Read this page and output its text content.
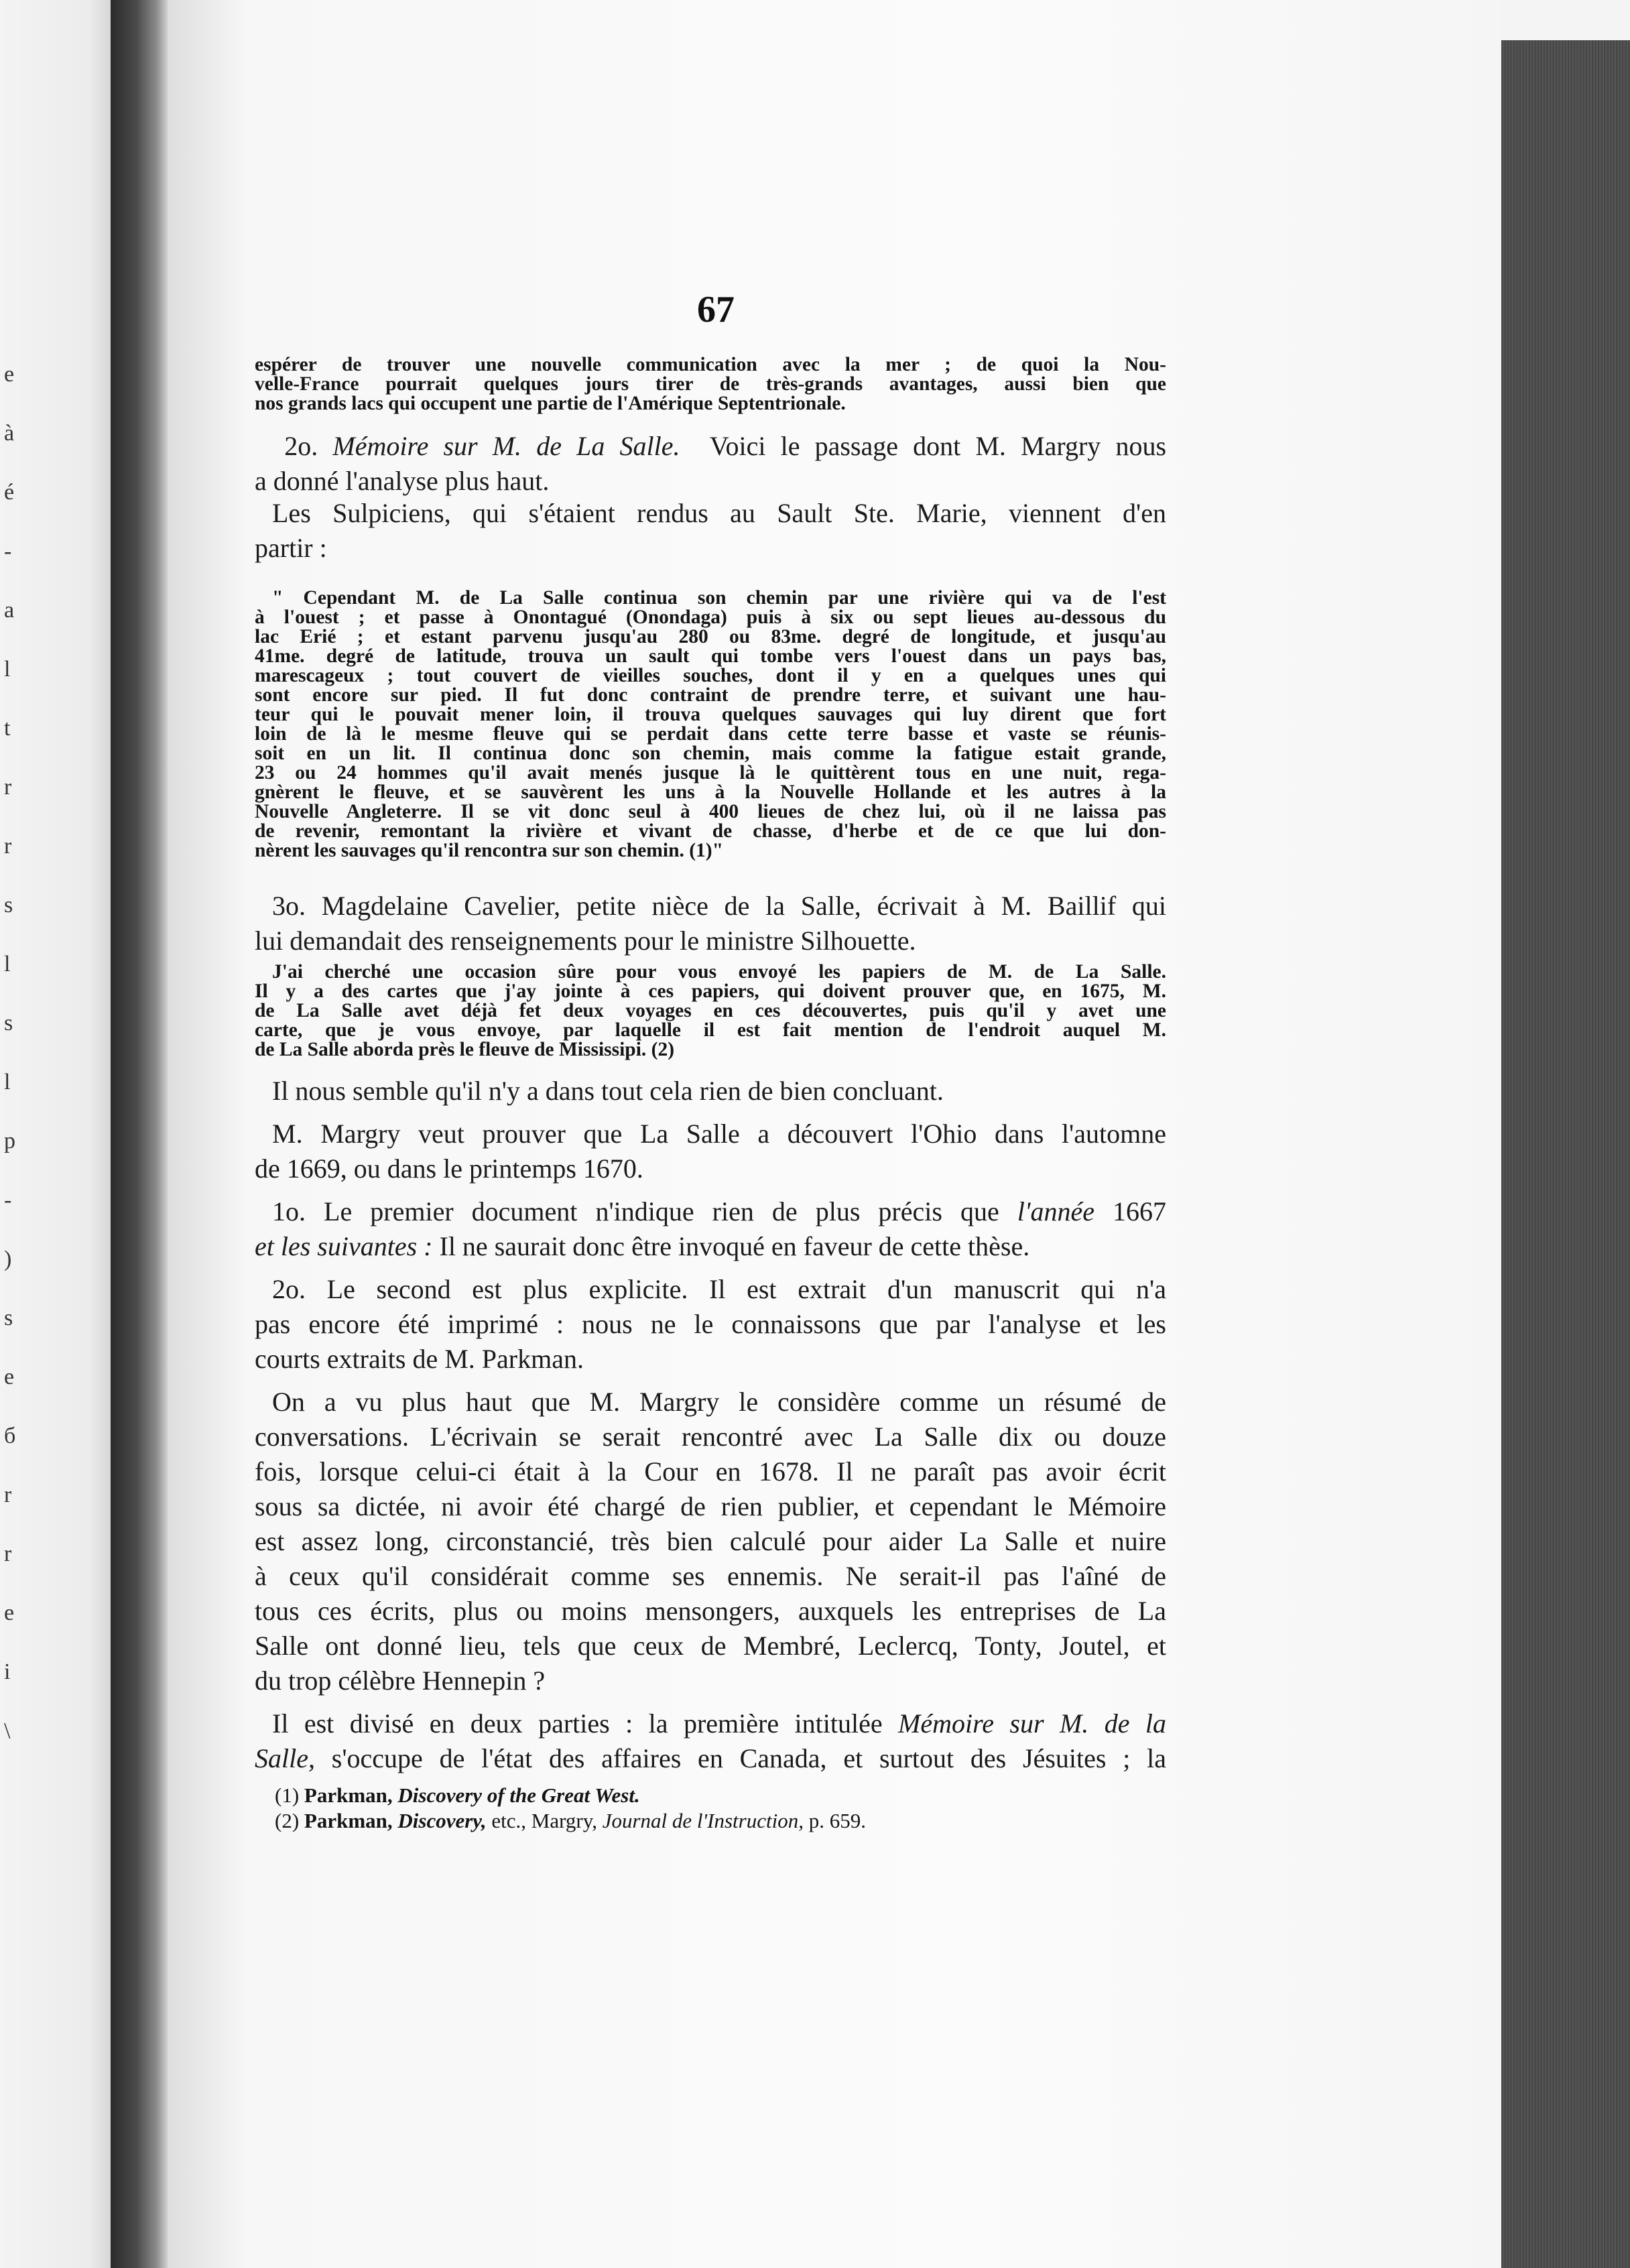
e
à
é
-
a
l
t
r
r
s
l
s
l
p
-
)
s
e
б
r
r
e
i
\
67
espérer de trouver une nouvelle communication avec la mer ; de quoi la Nou-
velle-France pourrait quelques jours tirer de très-grands avantages, aussi bien que
nos grands lacs qui occupent une partie de l'Amérique Septentrionale.
2o. Mémoire sur M. de La Salle. Voici le passage dont M. Margry nous
a donné l'analyse plus haut.
Les Sulpiciens, qui s'étaient rendus au Sault Ste. Marie, viennent d'en
partir :
" Cependant M. de La Salle continua son chemin par une rivière qui va de l'est
à l'ouest ; et passe à Onontagué (Onondaga) puis à six ou sept lieues au-dessous du
lac Erié ; et estant parvenu jusqu'au 280 ou 83me. degré de longitude, et jusqu'au
41me. degré de latitude, trouva un sault qui tombe vers l'ouest dans un pays bas,
marescageux ; tout couvert de vieilles souches, dont il y en a quelques unes qui
sont encore sur pied. Il fut donc contraint de prendre terre, et suivant une hau-
teur qui le pouvait mener loin, il trouva quelques sauvages qui luy dirent que fort
loin de là le mesme fleuve qui se perdait dans cette terre basse et vaste se réunis-
soit en un lit. Il continua donc son chemin, mais comme la fatigue estait grande,
23 ou 24 hommes qu'il avait menés jusque là le quittèrent tous en une nuit, rega-
gnèrent le fleuve, et se sauvèrent les uns à la Nouvelle Hollande et les autres à la
Nouvelle Angleterre. Il se vit donc seul à 400 lieues de chez lui, où il ne laissa pas
de revenir, remontant la rivière et vivant de chasse, d'herbe et de ce que lui don-
nèrent les sauvages qu'il rencontra sur son chemin. (1)"
3o. Magdelaine Cavelier, petite nièce de la Salle, écrivait à M. Baillif qui
lui demandait des renseignements pour le ministre Silhouette.
J'ai cherché une occasion sûre pour vous envoyé les papiers de M. de La Salle.
Il y a des cartes que j'ay jointe à ces papiers, qui doivent prouver que, en 1675, M.
de La Salle avet déjà fet deux voyages en ces découvertes, puis qu'il y avet une
carte, que je vous envoye, par laquelle il est fait mention de l'endroit auquel M.
de La Salle aborda près le fleuve de Mississipi. (2)
Il nous semble qu'il n'y a dans tout cela rien de bien concluant.
M. Margry veut prouver que La Salle a découvert l'Ohio dans l'automne
de 1669, ou dans le printemps 1670.
1o. Le premier document n'indique rien de plus précis que l'année 1667
et les suivantes : Il ne saurait donc être invoqué en faveur de cette thèse.
2o. Le second est plus explicite. Il est extrait d'un manuscrit qui n'a
pas encore été imprimé : nous ne le connaissons que par l'analyse et les
courts extraits de M. Parkman.
On a vu plus haut que M. Margry le considère comme un résumé de
conversations. L'écrivain se serait rencontré avec La Salle dix ou douze
fois, lorsque celui-ci était à la Cour en 1678. Il ne paraît pas avoir écrit
sous sa dictée, ni avoir été chargé de rien publier, et cependant le Mémoire
est assez long, circonstancié, très bien calculé pour aider La Salle et nuire
à ceux qu'il considérait comme ses ennemis. Ne serait-il pas l'aîné de
tous ces écrits, plus ou moins mensongers, auxquels les entreprises de La
Salle ont donné lieu, tels que ceux de Membré, Leclercq, Tonty, Joutel, et
du trop célèbre Hennepin ?
Il est divisé en deux parties : la première intitulée Mémoire sur M. de la
Salle, s'occupe de l'état des affaires en Canada, et surtout des Jésuites ; la
(1) Parkman, Discovery of the Great West.
(2) Parkman, Discovery, etc., Margry, Journal de l'Instruction, p. 659.
